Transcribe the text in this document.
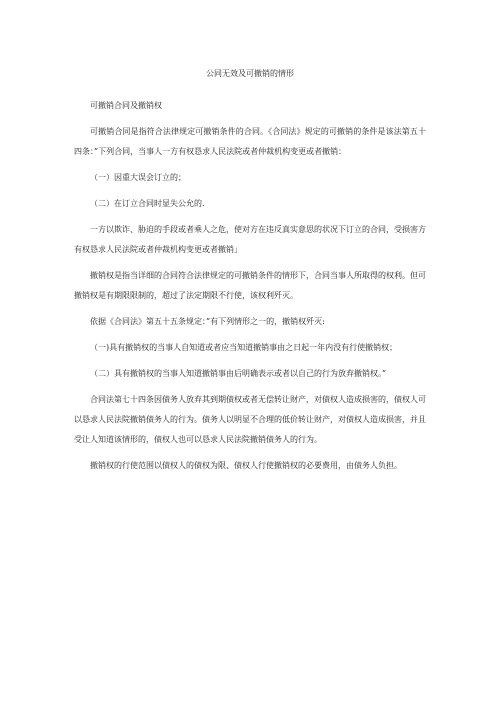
公同无效及可撤销的情形

可撤销合同及撤销权

可撤销合同是指符合法律规定可撤销条件的合同。《合同法》规定的可撤销的条件是该法第五十四条：”下列合同，当事人一方有权恳求人民法院或者仲裁机构变更或者撤销：

（一）因重大误会订立的；

（二）在订立合同时显失公允的.

一方以欺诈、胁迫的手段或者乘人之危，使对方在违反真实意思的状况下订立的合同，受损害方有权恳求人民法院或者仲裁机构变更或者撤销」

撤销权是指当详细的合同符合法律规定的可撤销条件的情形下，合同当事人所取得的权利。但可撤销权是有期限限制的，超过了法定期限不行使，该权利歼灭。

依据《合同法》第五十五条规定：”有下列情形之一的，撤销权歼灭:

（一)具有撤销权的当事人自知道或者应当知道撤销事由之日起一年内没有行使撤销权；

（二）具有撤销权的当事人知道撤销事由后明确表示或者以自己的行为放弃撤销权。”

合同法第七十四条因债务人放弃其到期债权或者无偿转让财产，对债权人造成损害的，债权人可以恳求人民法院撤销债务人的行为。债务人以明显不合理的低价转让财产，对债权人造成损害，并且受让人知道该情形的，债权人也可以恳求人民法院撤销债务人的行为。

撤销权的行使范围以债权人的债权为限、债权人行使撤销权的必要费用，由债务人负担。
